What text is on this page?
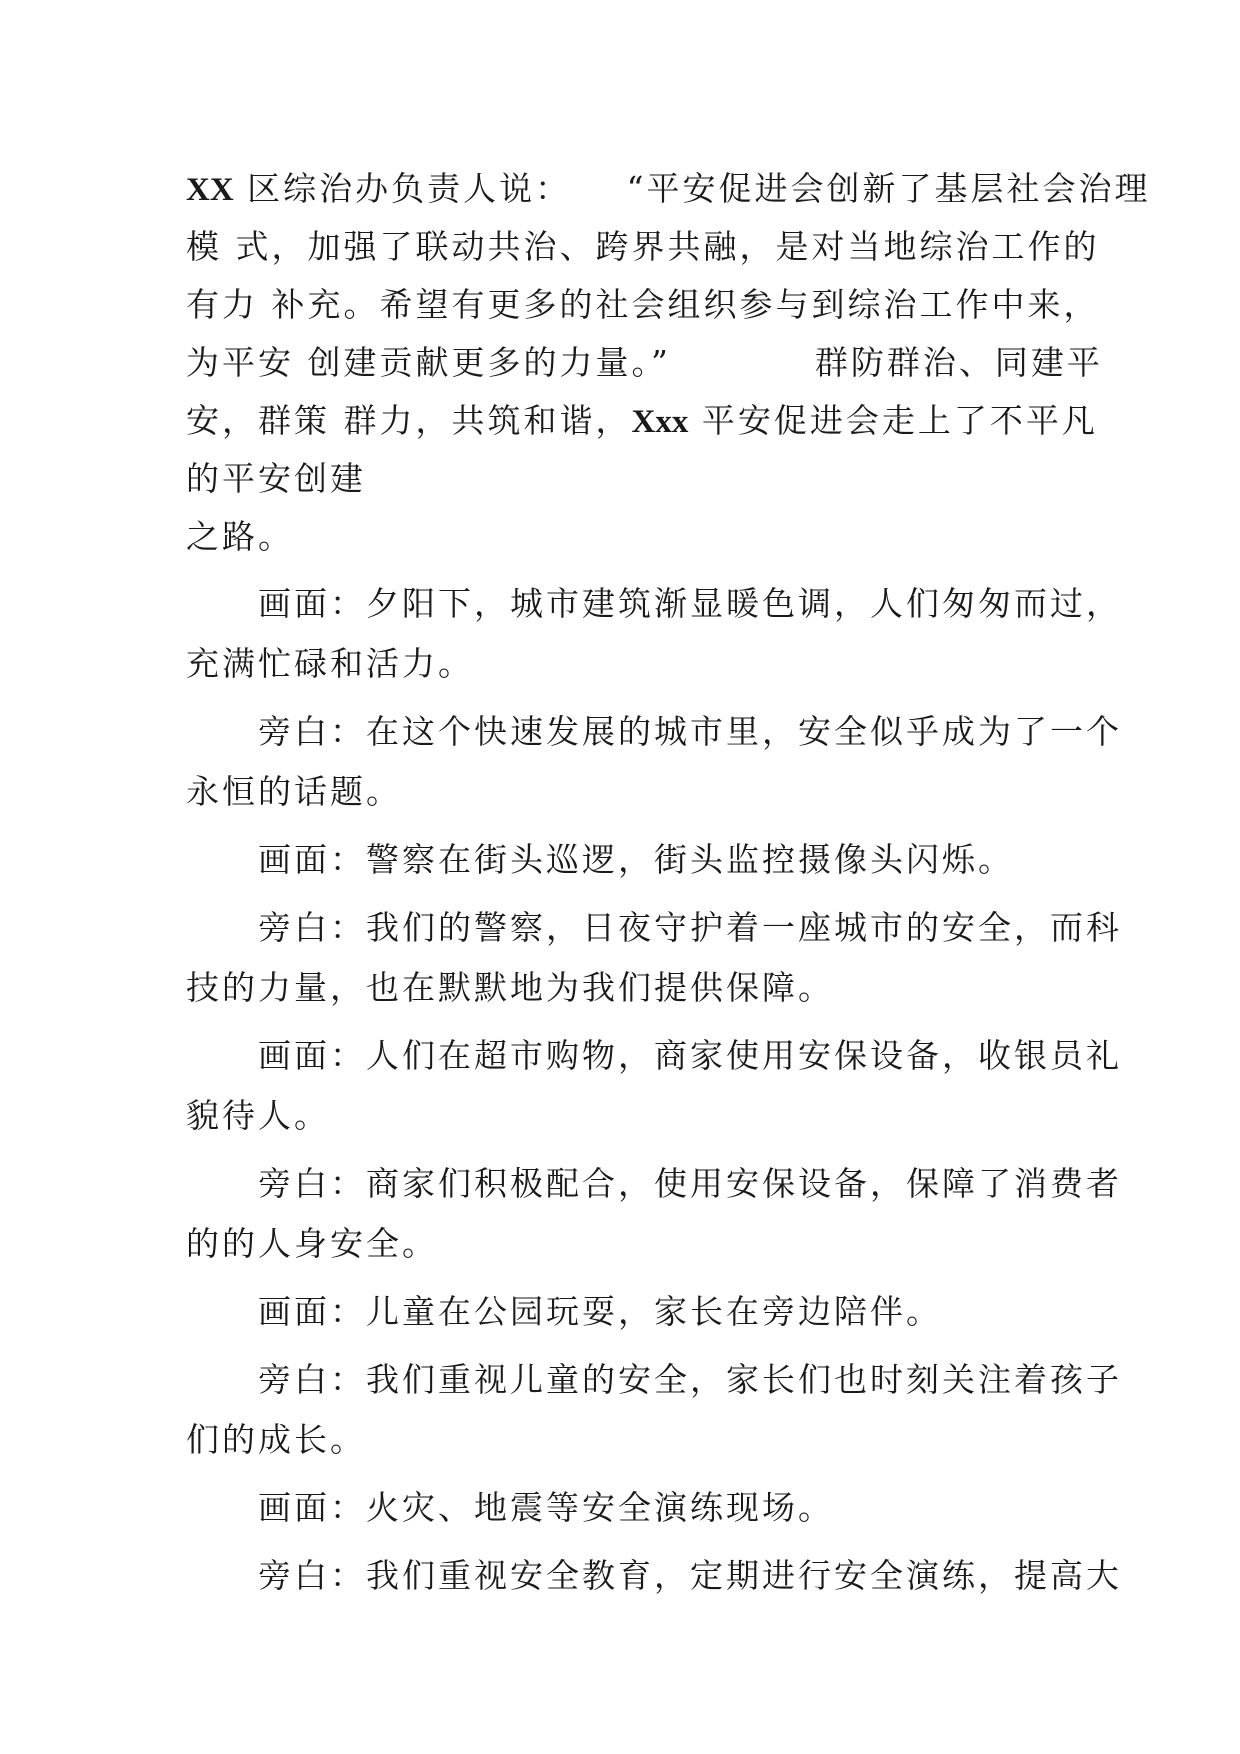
XX 区综治办负责人说：　　“平安促进会创新了基层社会治理
模 式，加强了联动共治、跨界共融，是对当地综治工作的
有力 补充。希望有更多的社会组织参与到综治工作中来，
为平安 创建贡献更多的力量。”　　　　群防群治、同建平
安，群策 群力，共筑和谐，Xxx 平安促进会走上了不平凡
的平安创建
之路。
画面：夕阳下，城市建筑渐显暖色调，人们匆匆而过，
充满忙碌和活力。
旁白：在这个快速发展的城市里，安全似乎成为了一个
永恒的话题。
画面：警察在街头巡逻，街头监控摄像头闪烁。
旁白：我们的警察，日夜守护着一座城市的安全，而科
技的力量，也在默默地为我们提供保障。
画面：人们在超市购物，商家使用安保设备，收银员礼
貌待人。
旁白：商家们积极配合，使用安保设备，保障了消费者
的的人身安全。
画面：儿童在公园玩耍，家长在旁边陪伴。
旁白：我们重视儿童的安全，家长们也时刻关注着孩子
们的成长。
画面：火灾、地震等安全演练现场。
旁白：我们重视安全教育，定期进行安全演练，提高大
